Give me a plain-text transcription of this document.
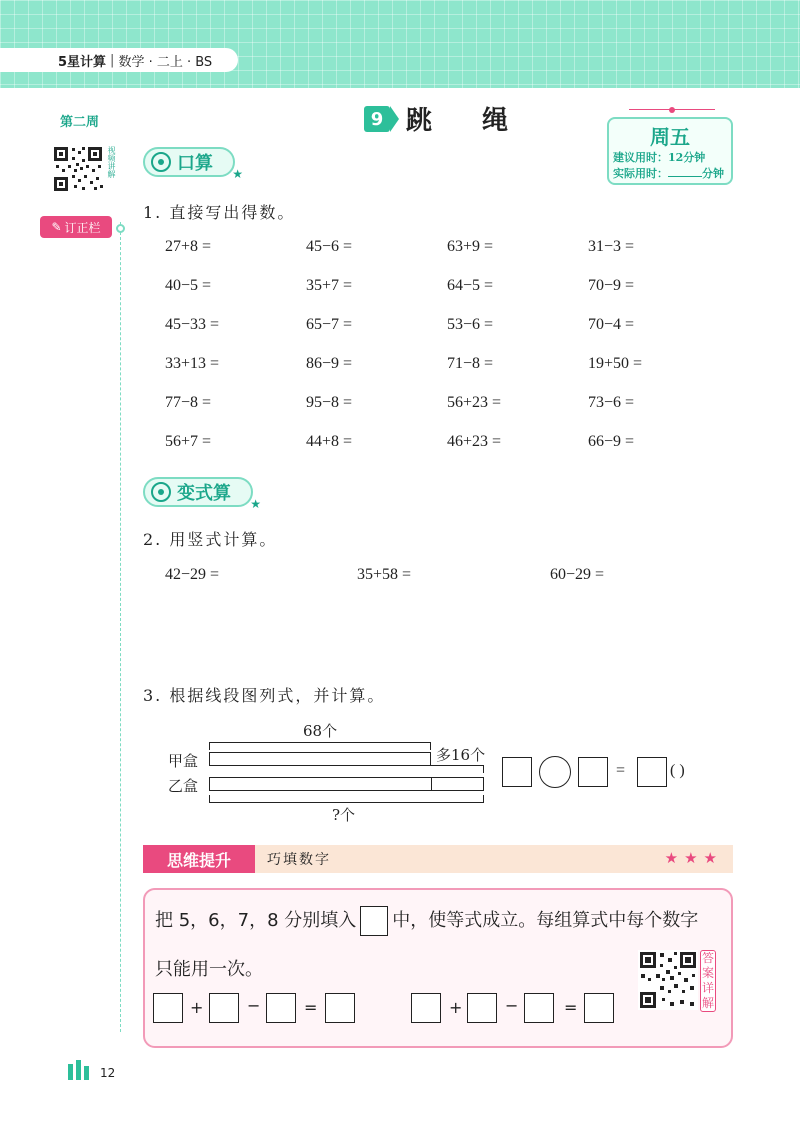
5星计算 | 数学 · 二上 · BS
第二周
视频讲解
✎ 订正栏
9 跳绳
周五
建议用时：12分钟
实际用时：	分钟
口算 ★
1. 直接写出得数。
27+8 =	45−6 =	63+9 =	31−3 =
40−5 =	35+7 =	64−5 =	70−9 =
45−33 =	65−7 =	53−6 =	70−4 =
33+13 =	86−9 =	71−8 =	19+50 =
77−8 =	95−8 =	56+23 =	73−6 =
56+7 =	44+8 =	46+23 =	66−9 =
变式算 ★
2. 用竖式计算。
42−29 =	35+58 =	60−29 =
3. 根据线段图列式，并计算。
68个
甲盒
乙盒
多16个
?个
=	( )
思维提升	巧填数字	★★★
把 5，6，7，8 分别填入 中，使等式成立。每组算式中每个数字
只能用一次。
+	−	=	+	−	=
答案详解
12
